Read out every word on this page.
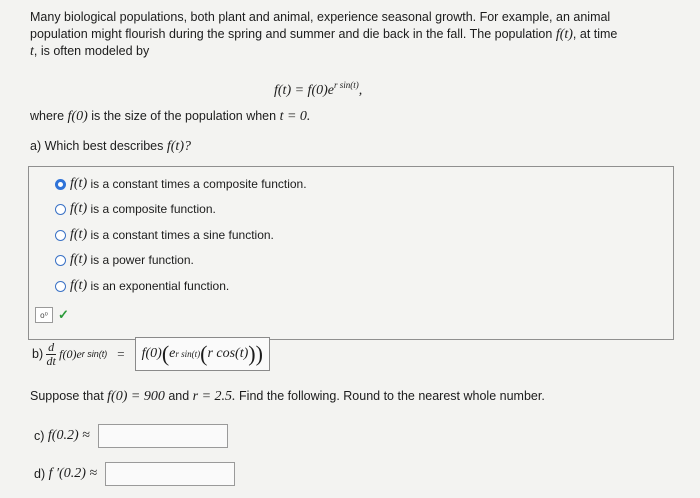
Many biological populations, both plant and animal, experience seasonal growth. For example, an animal
population might flourish during the spring and summer and die back in the fall. The population f(t), at time
t, is often modeled by
$f(t) = f(0)e^{r sin(t)}$,
where f(0) is the size of the population when t = 0.
a) Which best describes f(t)?
f(t)
is a constant times a composite function.
f(t)
is a composite function.
f(t)
is a constant times a sine function.
f(t)
is a power function.
f(t)
is an exponential function.
o⁰ ✓
$b) \frac{d}{dt} f(0)e$ r sin(t) = f(0) ( e r sin(t) ( r cos(t) ))
Suppose that f(0) = 900 and r = 2.5. Find the following. Round to the nearest whole number.
c)
f(0.2) ≈
d)
f ′(0.2) ≈
